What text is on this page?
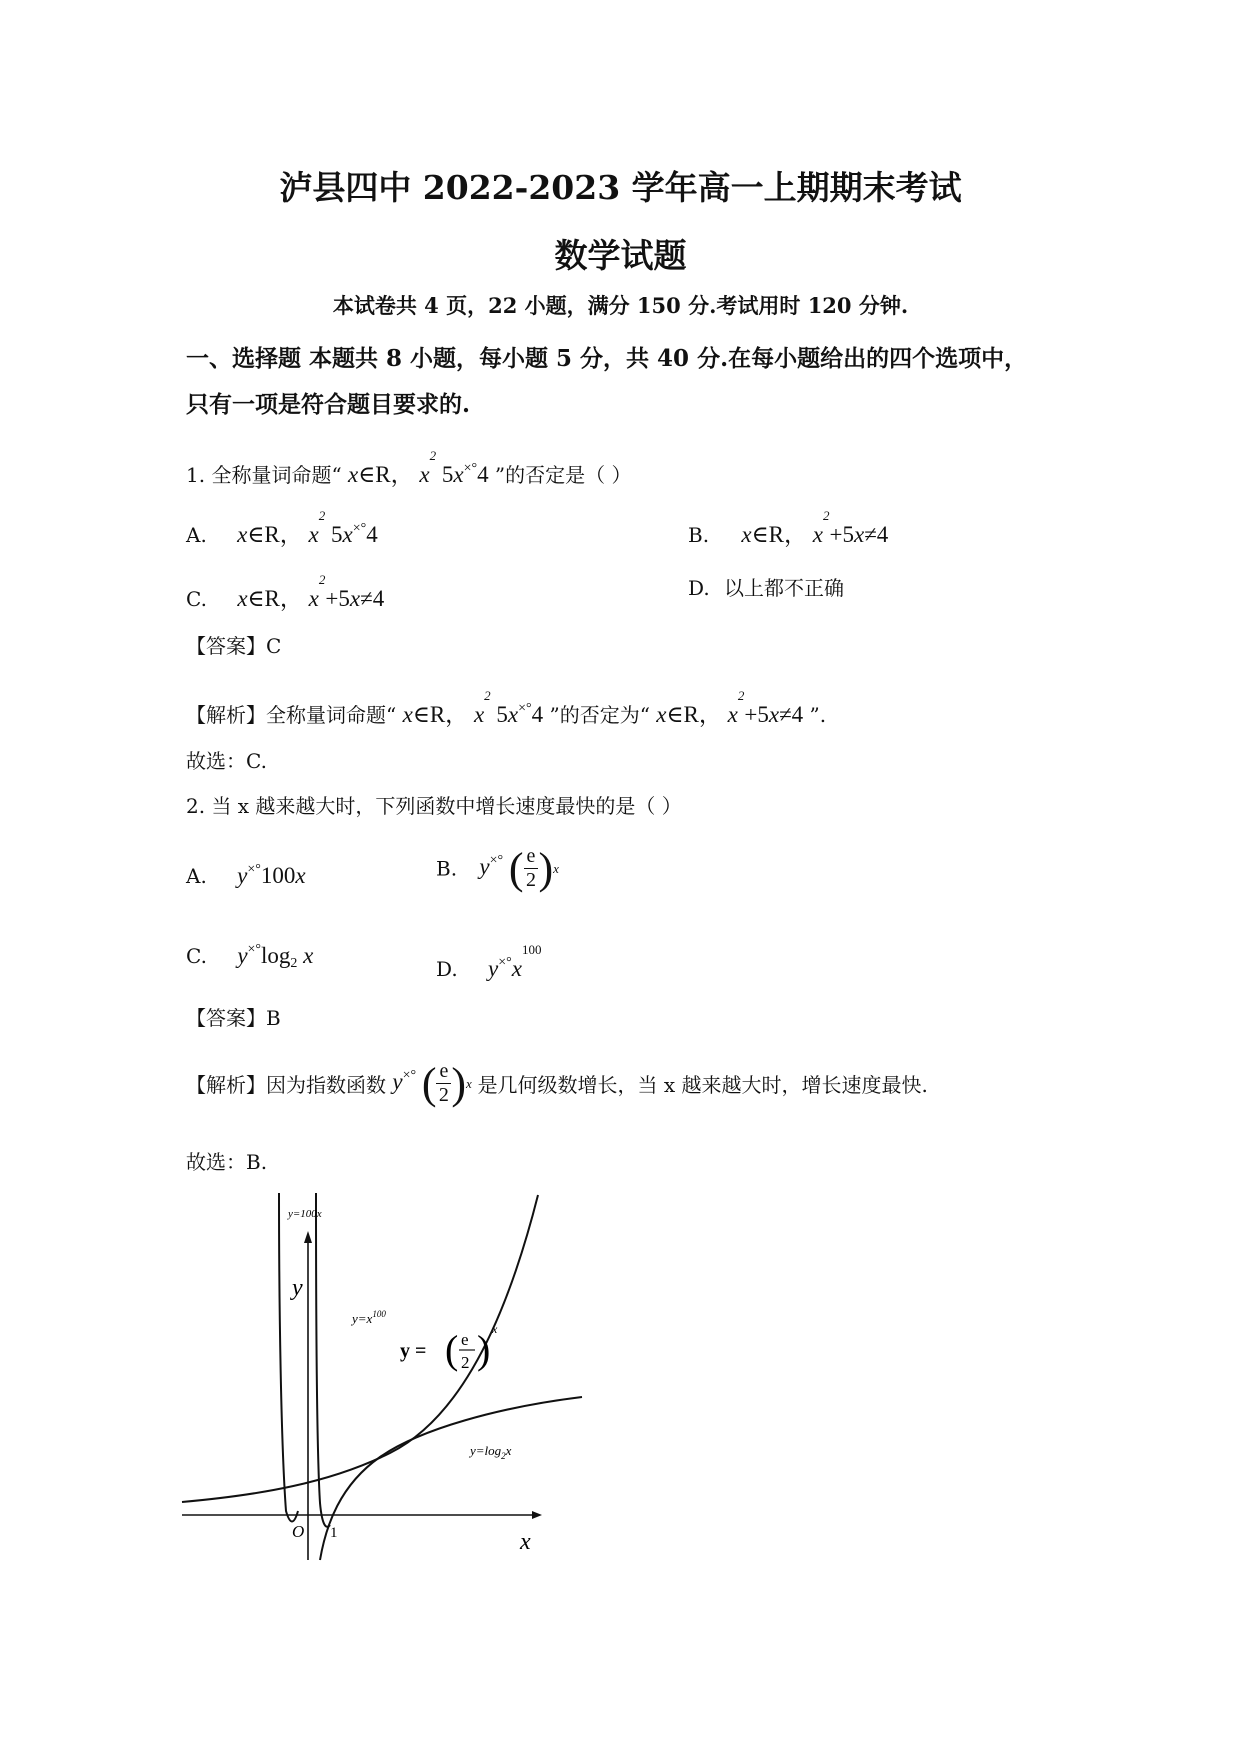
泸县四中 2022-2023 学年高一上期期末考试
数学试题
本试卷共 4 页，22 小题，满分 150 分.考试用时 120 分钟.
一、选择题 本题共 8 小题，每小题 5 分，共 40 分.在每小题给出的四个选项中，
只有一项是符合题目要求的.
1. 全称量词命题“ x∈R， $x^2$ 5x×°4 ”的否定是（ ）
A. x∈R， $x^2$ 5x×°4	B. x∈R， $x^2+5x\ne 4$
C. x∈R， $x^2+5x\ne 4$	D. 以上都不正确
【答案】C
【解析】全称量词命题“ x∈R， $x^2$ 5x×°4 ”的否定为“ x∈R， $x^2+5x\ne 4$ ”.
故选：C.
2. 当 x 越来越大时，下列函数中增长速度最快的是（ ）
A. y×°100x	B. y×° ( e
2 ) x
C. y×°log2 x
D. $y^{\times^\circ}x^{100}$
【答案】B
【解析】因为指数函数 y×° ( e
2 ) x 是几何级数增长，当 x 越来越大时，增长速度最快.
故选：B.
y=100x
y
$y=x^{100}$
y = ( e
2 ) x
$y=\log_2x$
O 1	x
